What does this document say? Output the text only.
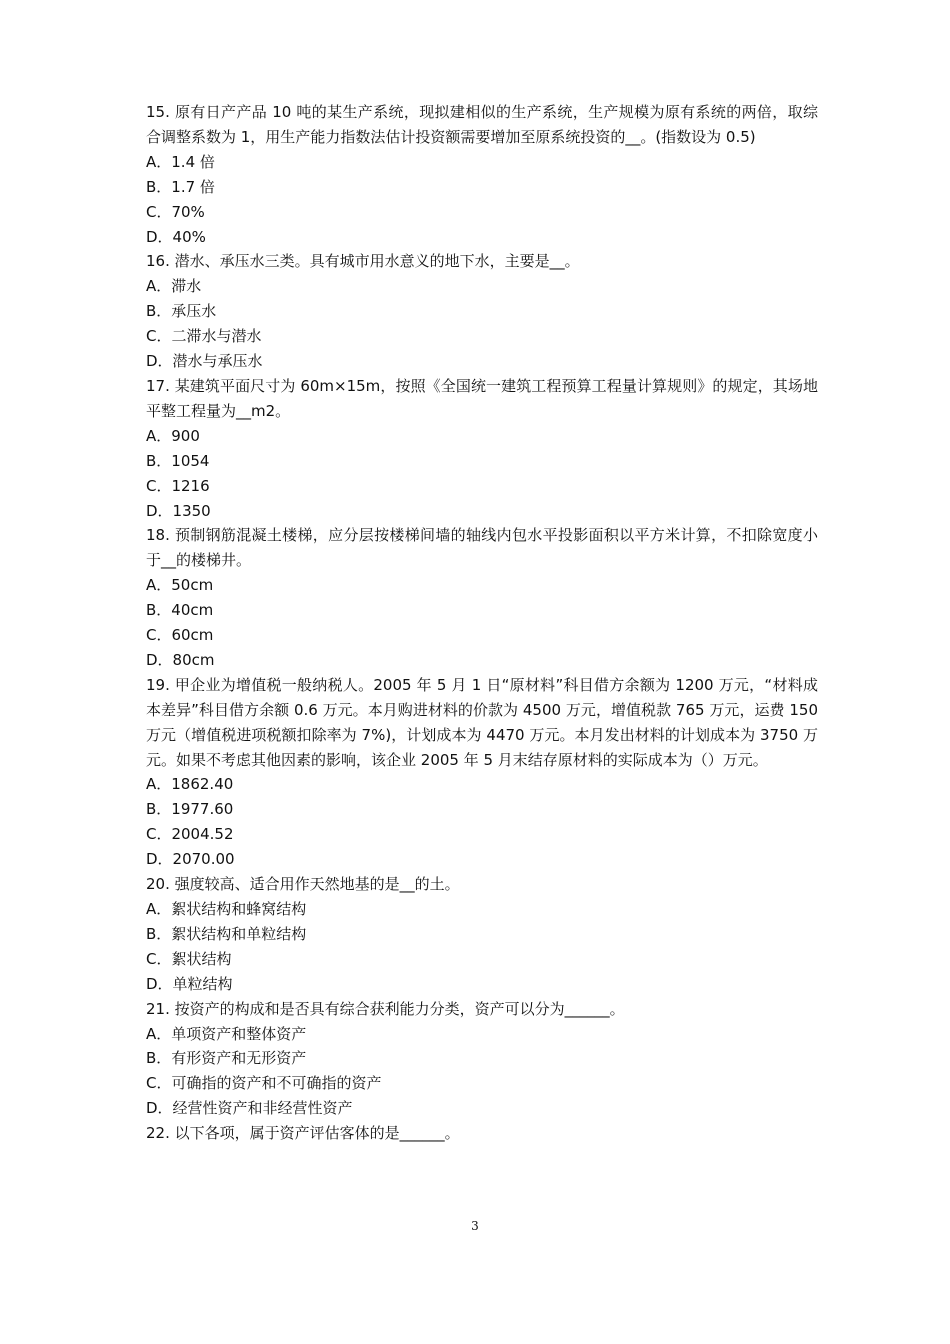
15. 原有日产产品 10 吨的某生产系统，现拟建相似的生产系统，生产规模为原有系统的两倍，取综合调整系数为 1，用生产能力指数法估计投资额需要增加至原系统投资的__。(指数设为 0.5)
A．1.4 倍
B．1.7 倍
C．70%
D．40%
16. 潜水、承压水三类。具有城市用水意义的地下水，主要是__。
A．滞水
B．承压水
C．二滞水与潜水
D．潜水与承压水
17. 某建筑平面尺寸为 60m×15m，按照《全国统一建筑工程预算工程量计算规则》的规定，其场地平整工程量为__m2。
A．900
B．1054
C．1216
D．1350
18. 预制钢筋混凝土楼梯，应分层按楼梯间墙的轴线内包水平投影面积以平方米计算，不扣除宽度小于__的楼梯井。
A．50cm
B．40cm
C．60cm
D．80cm
19. 甲企业为增值税一般纳税人。2005 年 5 月 1 日“原材料”科目借方余额为 1200 万元，“材料成本差异”科目借方余额 0.6 万元。本月购进材料的价款为 4500 万元，增值税款 765 万元，运费 150 万元（增值税进项税额扣除率为 7%)，计划成本为 4470 万元。本月发出材料的计划成本为 3750 万元。如果不考虑其他因素的影响，该企业 2005 年 5 月末结存原材料的实际成本为（）万元。
A．1862.40
B．1977.60
C．2004.52
D．2070.00
20. 强度较高、适合用作天然地基的是__的土。
A．絮状结构和蜂窝结构
B．絮状结构和单粒结构
C．絮状结构
D．单粒结构
21. 按资产的构成和是否具有综合获利能力分类，资产可以分为______。
A．单项资产和整体资产
B．有形资产和无形资产
C．可确指的资产和不可确指的资产
D．经营性资产和非经营性资产
22. 以下各项，属于资产评估客体的是______。
3
